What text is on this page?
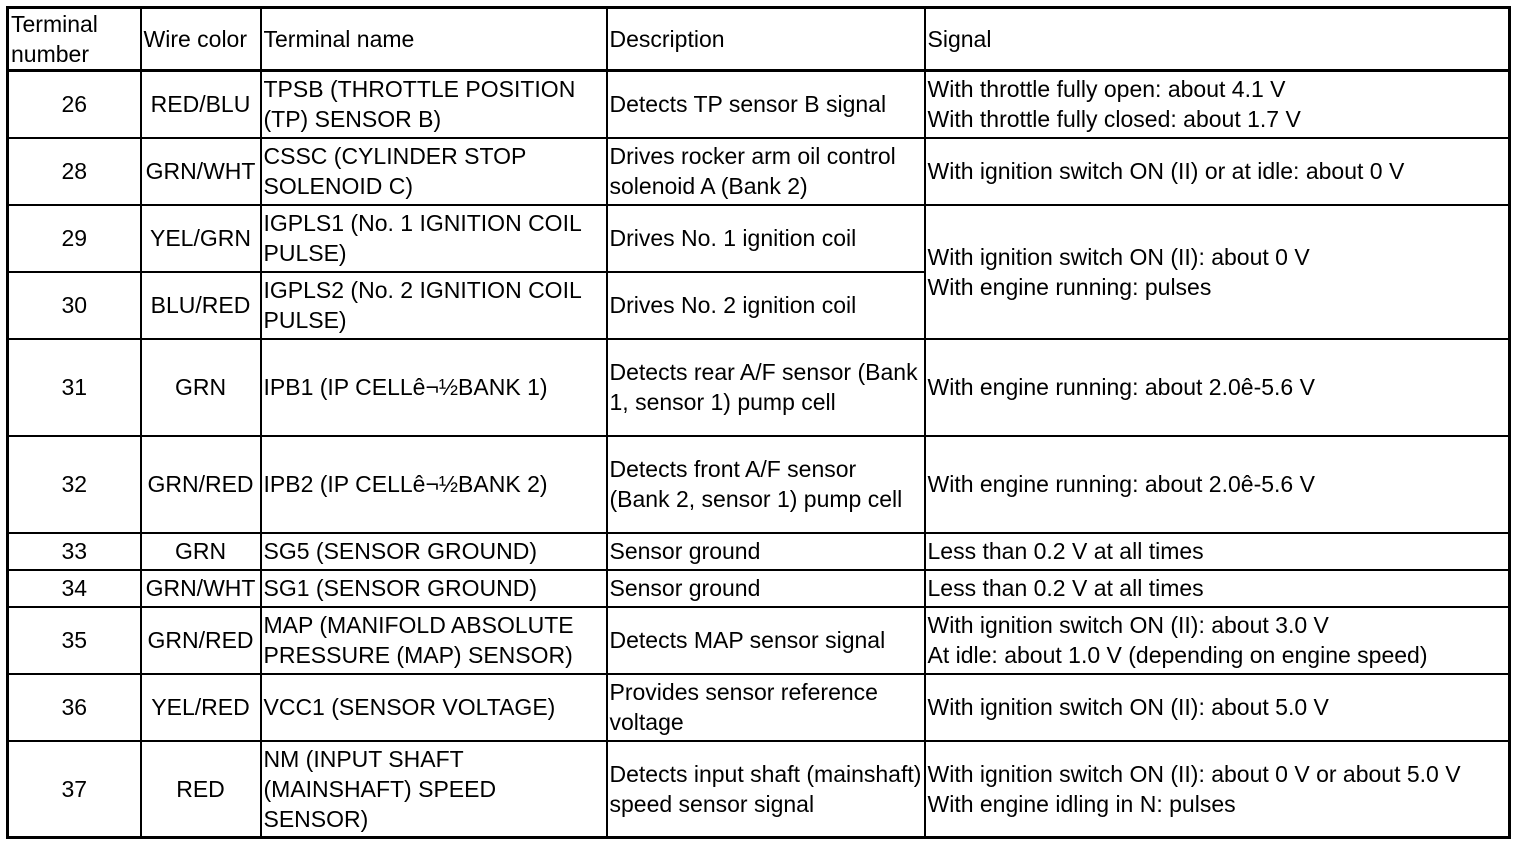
Terminal number	Wire color	Terminal name	Description	Signal
26	RED/BLU	TPSB (THROTTLE POSITION (TP) SENSOR B)	Detects TP sensor B signal	With throttle fully open: about 4.1 V
With throttle fully closed: about 1.7 V

28	GRN/WHT	CSSC (CYLINDER STOP SOLENOID C)	Drives rocker arm oil control solenoid A (Bank 2)	With ignition switch ON (II) or at idle: about 0 V

29	YEL/GRN	IGPLS1 (No. 1 IGNITION COIL PULSE)	Drives No. 1 ignition coil	With ignition switch ON (II): about 0 V
With engine running: pulses

30	BLU/RED	IGPLS2 (No. 2 IGNITION COIL PULSE)	Drives No. 2 ignition coil	
31	GRN	IPB1 (IP CELLê¬½BANK 1)	Detects rear A/F sensor (Bank 1, sensor 1) pump cell	With engine running: about 2.0ê-5.6 V

32	GRN/RED	IPB2 (IP CELLê¬½BANK 2)	Detects front A/F sensor (Bank 2, sensor 1) pump cell	With engine running: about 2.0ê-5.6 V

33	GRN	SG5 (SENSOR GROUND)	Sensor ground	Less than 0.2 V at all times

34	GRN/WHT	SG1 (SENSOR GROUND)	Sensor ground	Less than 0.2 V at all times

35	GRN/RED	MAP (MANIFOLD ABSOLUTE PRESSURE (MAP) SENSOR)	Detects MAP sensor signal	With ignition switch ON (II): about 3.0 V
At idle: about 1.0 V (depending on engine speed)

36	YEL/RED	VCC1 (SENSOR VOLTAGE)	Provides sensor reference voltage	With ignition switch ON (II): about 5.0 V

37	RED	NM (INPUT SHAFT (MAINSHAFT) SPEED SENSOR)	Detects input shaft (mainshaft) speed sensor signal	With ignition switch ON (II): about 0 V or about 5.0 V
With engine idling in N: pulses
